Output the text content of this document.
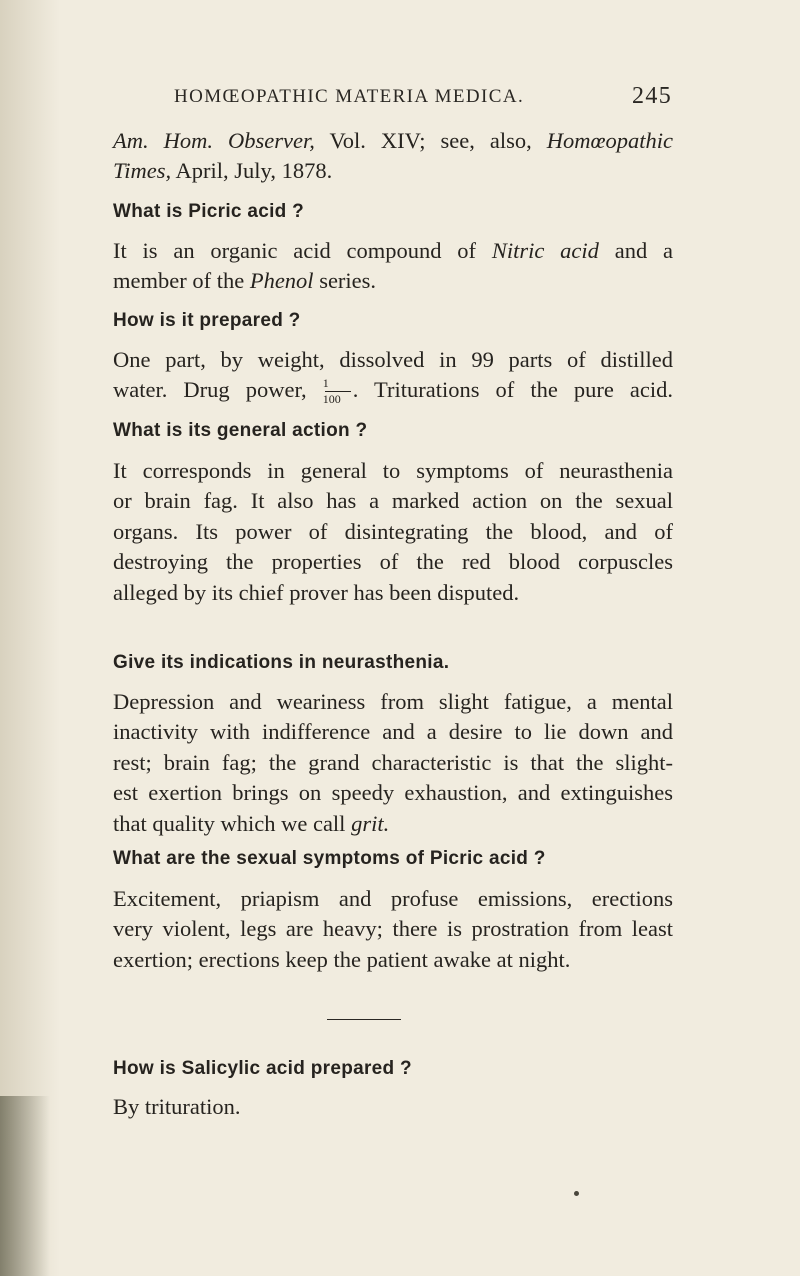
HOMŒOPATHIC MATERIA MEDICA.	245
Am. Hom. Observer, Vol. XIV; see, also, Homœopathic
Times, April, July, 1878.
What is Picric acid ?
It is an organic acid compound of Nitric acid and a
member of the Phenol series.
How is it prepared ?
One part, by weight, dissolved in 99 parts of distilled
water. Drug power, $\frac{1}{100}$ . Triturations of the pure acid.
What is its general action ?
It corresponds in general to symptoms of neurasthenia
or brain fag. It also has a marked action on the sexual
organs. Its power of disintegrating the blood, and of
destroying the properties of the red blood corpuscles
alleged by its chief prover has been disputed.
Give its indications in neurasthenia.
Depression and weariness from slight fatigue, a mental
inactivity with indifference and a desire to lie down and
rest; brain fag; the grand characteristic is that the slight-
est exertion brings on speedy exhaustion, and extinguishes
that quality which we call grit.
What are the sexual symptoms of Picric acid ?
Excitement, priapism and profuse emissions, erections
very violent, legs are heavy; there is prostration from least
exertion; erections keep the patient awake at night.
How is Salicylic acid prepared ?
By trituration.
